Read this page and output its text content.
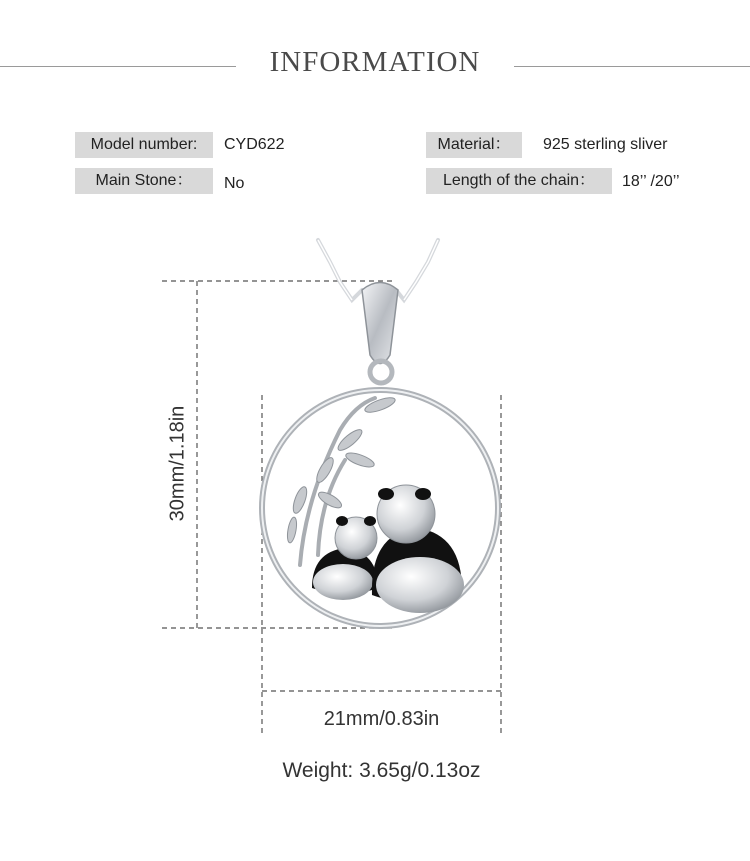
INFORMATION
Model number:	CYD622
Main Stone：	No
Material：	925 sterling sliver
Length of the chain：	18’’ /20’’
30mm/1.18in
21mm/0.83in
Weight: 3.65g/0.13oz
